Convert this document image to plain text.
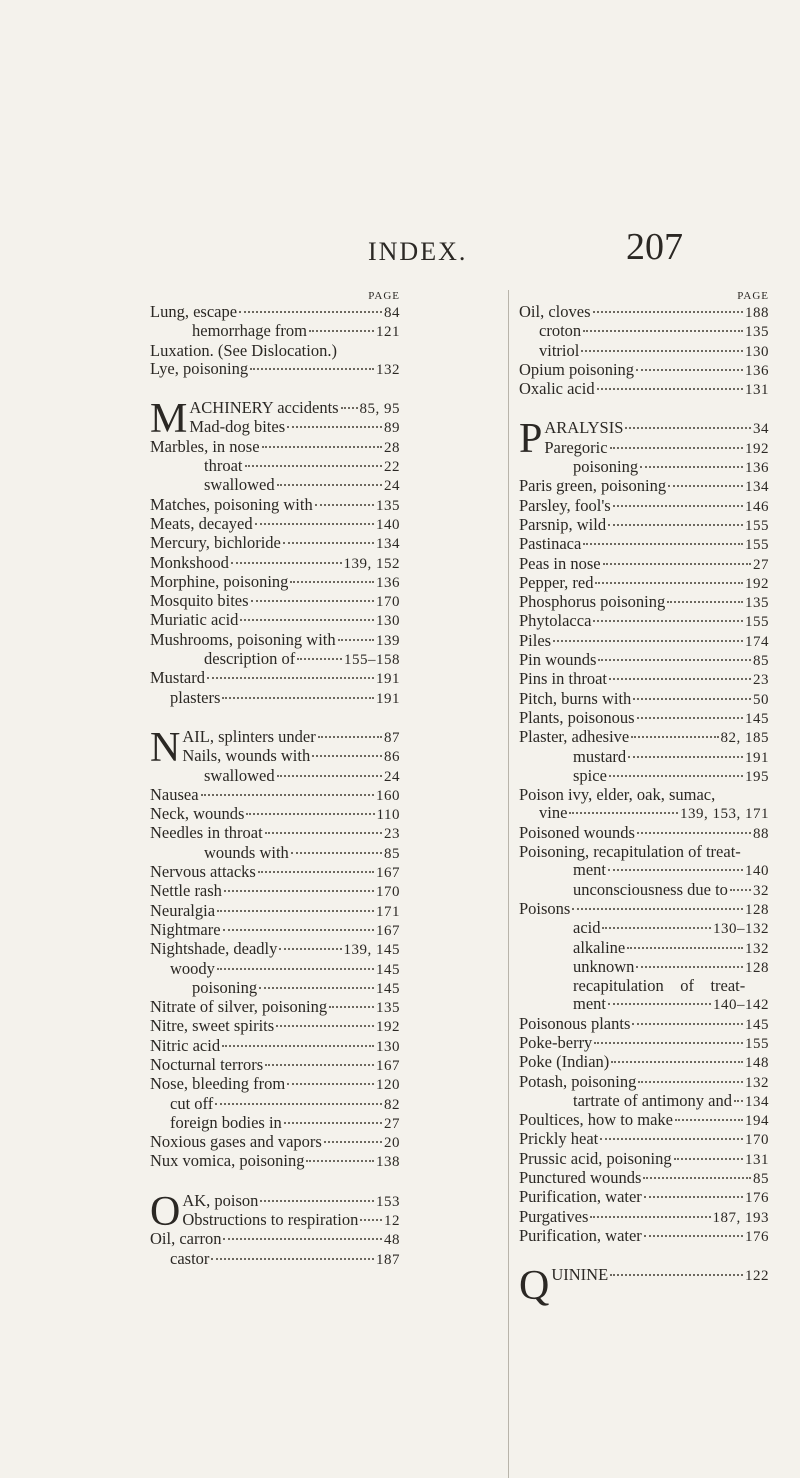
INDEX.	207
PAGE
Lung, escape	84
hemorrhage from	121
Luxation. (See Dislocation.)
Lye, poisoning	132
M ACHINERY accidents 85, 95
Mad-dog bites	89
Marbles, in nose	28
throat	22
swallowed	24
Matches, poisoning with	135
Meats, decayed	140
Mercury, bichloride	134
Monkshood	139, 152
Morphine, poisoning	136
Mosquito bites	170
Muriatic acid	130
Mushrooms, poisoning with	139
description of	155–158
Mustard	191
plasters	191
N AIL, splinters under	87
Nails, wounds with	86
swallowed	24
Nausea	160
Neck, wounds	110
Needles in throat	23
wounds with	85
Nervous attacks	167
Nettle rash	170
Neuralgia	171
Nightmare	167
Nightshade, deadly	139, 145
woody	145
poisoning	145
Nitrate of silver, poisoning	135
Nitre, sweet spirits	192
Nitric acid	130
Nocturnal terrors	167
Nose, bleeding from	120
cut off	82
foreign bodies in	27
Noxious gases and vapors	20
Nux vomica, poisoning	138
O AK, poison	153
Obstructions to respiration 12
Oil, carron	48
castor	187
PAGE
Oil, cloves	188
croton	135
vitriol	130
Opium poisoning	136
Oxalic acid	131
P ARALYSIS	34
Paregoric	192
poisoning	136
Paris green, poisoning	134
Parsley, fool's	146
Parsnip, wild	155
Pastinaca	155
Peas in nose	27
Pepper, red	192
Phosphorus poisoning	135
Phytolacca	155
Piles	174
Pin wounds	85
Pins in throat	23
Pitch, burns with	50
Plants, poisonous	145
Plaster, adhesive	82, 185
mustard	191
spice	195
Poison ivy, elder, oak, sumac,
vine	139, 153, 171
Poisoned wounds	88
Poisoning, recapitulation of treat-
ment	140
unconsciousness due to 32
Poisons	128
acid	130–132
alkaline	132
unknown	128
recapitulation    of    treat-
ment	140–142
Poisonous plants	145
Poke-berry	155
Poke (Indian)	148
Potash, poisoning	132
tartrate of antimony and 134
Poultices, how to make	194
Prickly heat	170
Prussic acid, poisoning	131
Punctured wounds	85
Purification, water	176
Purgatives	187, 193
Purification, water	176
Q UININE	122
